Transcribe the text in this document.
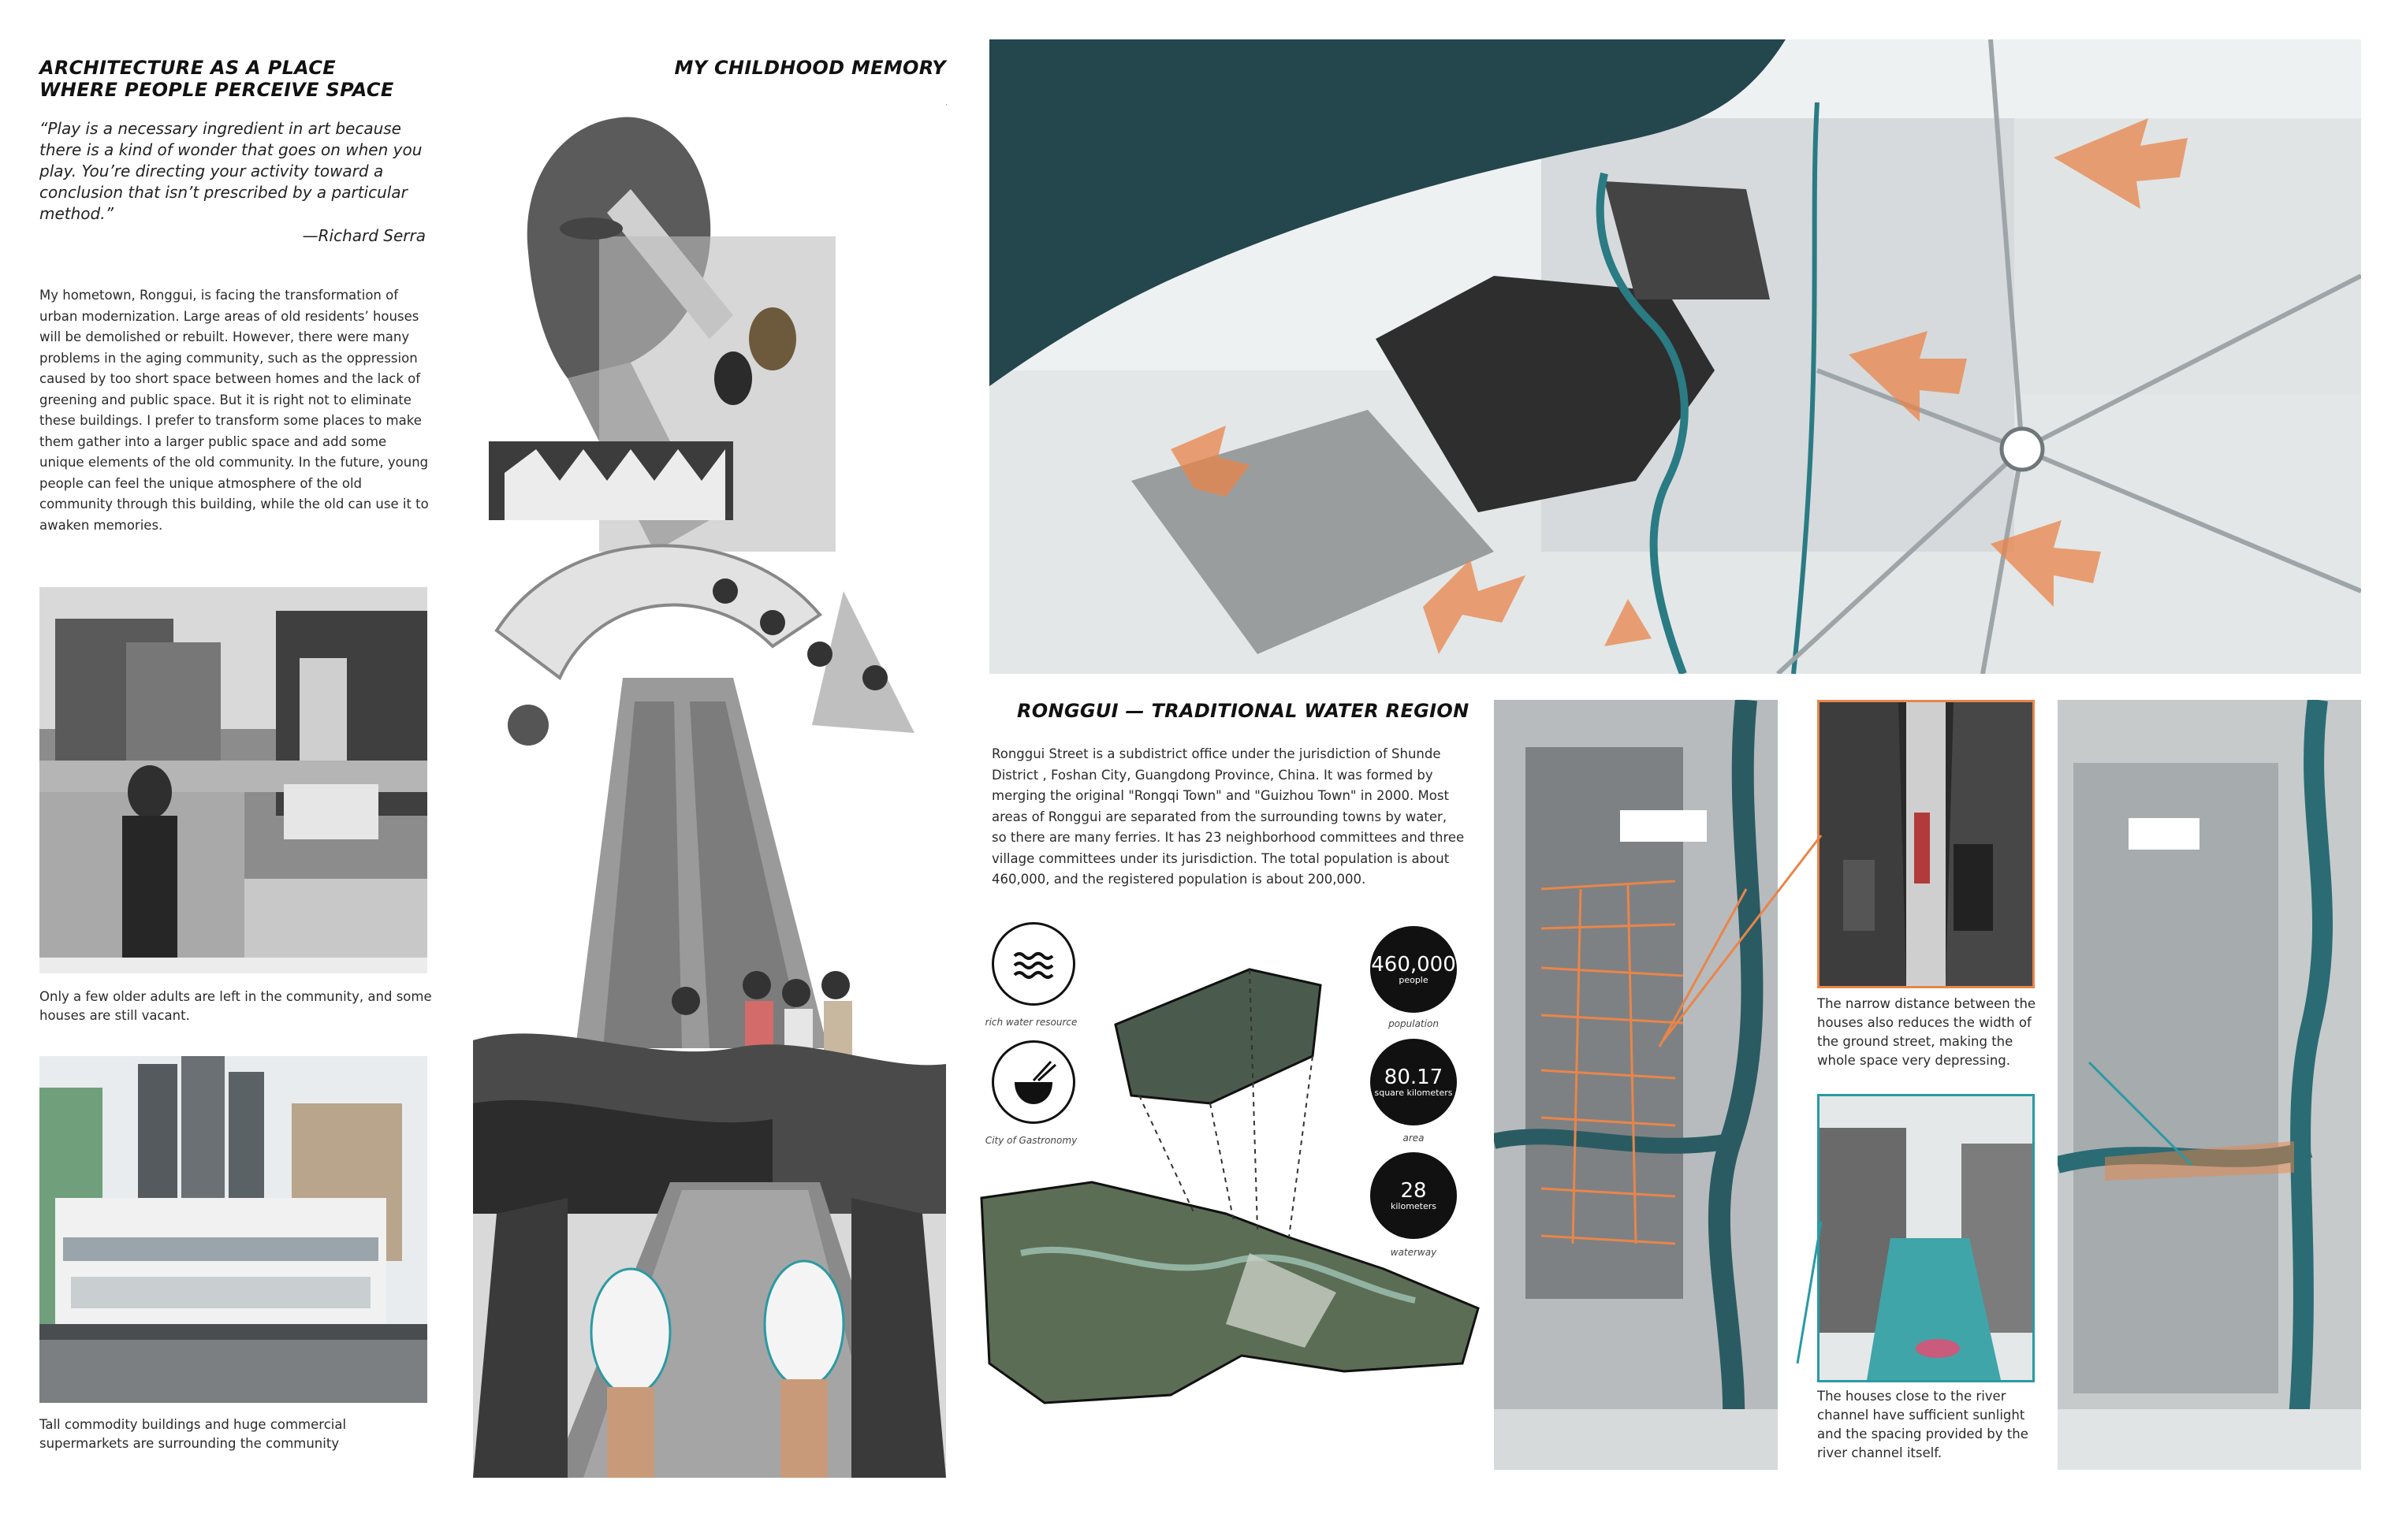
ARCHITECTURE AS A PLACE WHERE PEOPLE PERCEIVE SPACE
“Play is a necessary ingredient in art because there is a kind of wonder that goes on when you play. You’re directing your activity toward a conclusion that isn’t prescribed by a particular method.”
—Richard Serra
My hometown, Ronggui, is facing the transformation of urban modernization. Large areas of old residents’ houses will be demolished or rebuilt. However, there were many problems in the aging community, such as the oppression caused by too short space between homes and the lack of greening and public space. But it is right not to eliminate these buildings. I prefer to transform some places to make them gather into a larger public space and add some unique elements of the old community. In the future, young people can feel the unique atmosphere of the old community through this building, while the old can use it to awaken memories.
Only a few older adults are left in the community, and some houses are still vacant.
Tall commodity buildings and huge commercial supermarkets are surrounding the community
MY CHILDHOOD MEMORY
RONGGUI — TRADITIONAL WATER REGION
Ronggui Street is a subdistrict office under the jurisdiction of Shunde District , Foshan City, Guangdong Province, China. It was formed by merging the original "Rongqi Town" and "Guizhou Town" in 2000. Most areas of Ronggui are separated from the surrounding towns by water, so there are many ferries. It has 23 neighborhood committees and three village committees under its jurisdiction. The total population is about 460,000, and the registered population is about 200,000.
rich water resource
City of Gastronomy
460,000
people
population
80.17
square kilometers
area
28
kilometers
waterway
The narrow distance between the houses also reduces the width of the ground street, making the whole space very depressing.
The houses close to the river channel have sufficient sunlight and the spacing provided by the river channel itself.
